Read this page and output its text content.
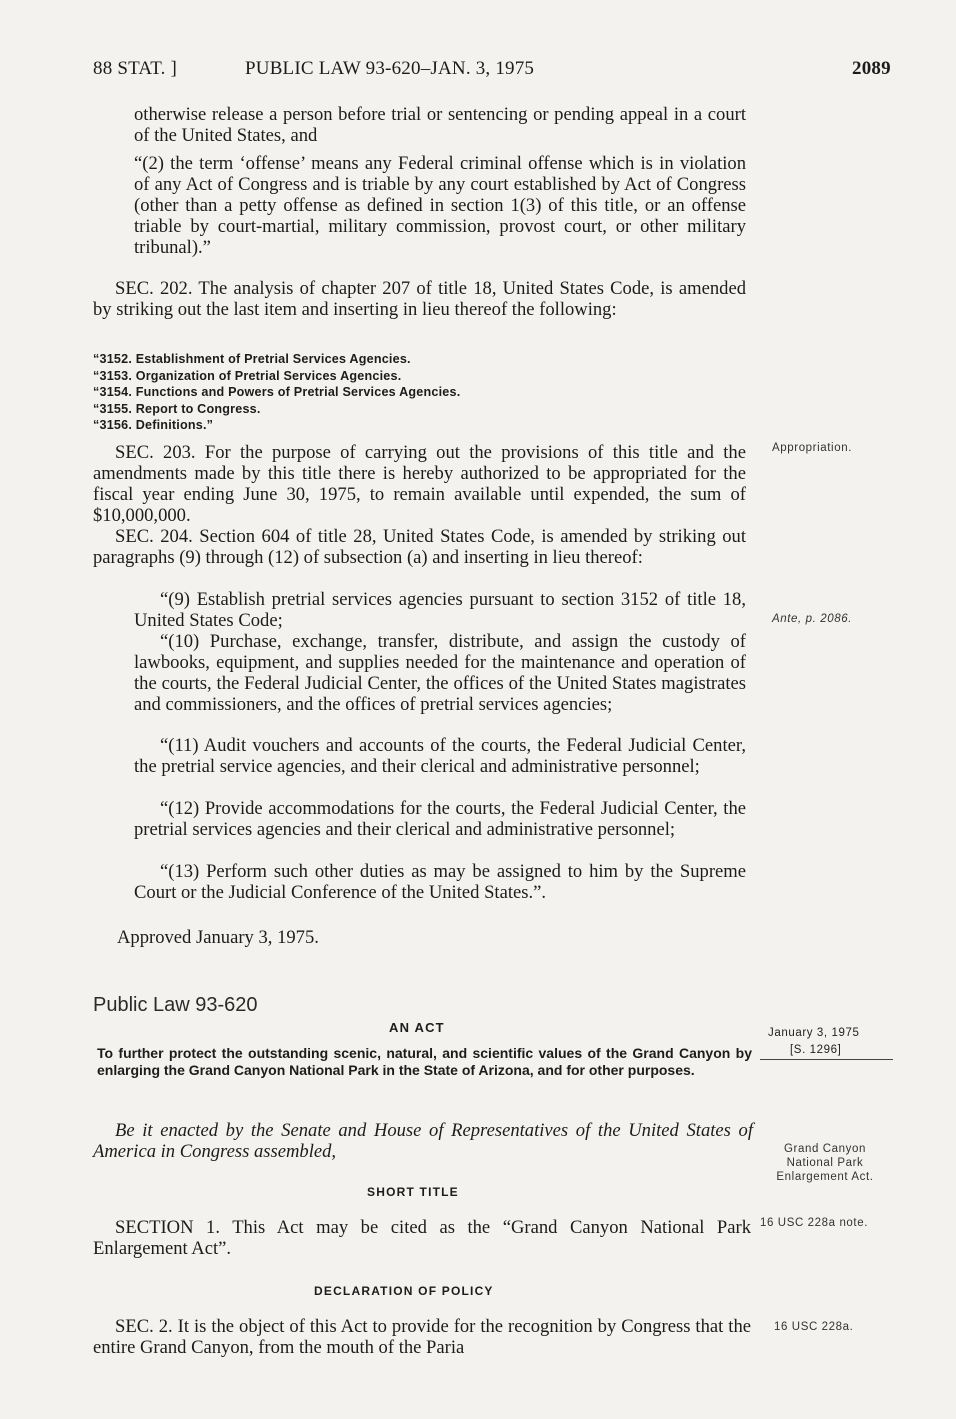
88 STAT. ]	PUBLIC LAW 93-620–JAN. 3, 1975	2089

otherwise release a person before trial or sentencing or pending appeal in a court of the United States, and

“(2) the term ‘offense’ means any Federal criminal offense which is in violation of any Act of Congress and is triable by any court established by Act of Congress (other than a petty offense as defined in section 1(3) of this title, or an offense triable by court-martial, military commission, provost court, or other military tribunal).”

SEC. 202. The analysis of chapter 207 of title 18, United States Code, is amended by striking out the last item and inserting in lieu thereof the following:

“3152. Establishment of Pretrial Services Agencies.
“3153. Organization of Pretrial Services Agencies.
“3154. Functions and Powers of Pretrial Services Agencies.
“3155. Report to Congress.
“3156. Definitions.”

SEC. 203. For the purpose of carrying out the provisions of this title and the amendments made by this title there is hereby authorized to be appropriated for the fiscal year ending June 30, 1975, to remain available until expended, the sum of $10,000,000.

Appropriation.

SEC. 204. Section 604 of title 28, United States Code, is amended by striking out paragraphs (9) through (12) of subsection (a) and inserting in lieu thereof:

“(9) Establish pretrial services agencies pursuant to section 3152 of title 18, United States Code;	Ante, p. 2086.

“(10) Purchase, exchange, transfer, distribute, and assign the custody of lawbooks, equipment, and supplies needed for the maintenance and operation of the courts, the Federal Judicial Center, the offices of the United States magistrates and commissioners, and the offices of pretrial services agencies;

“(11) Audit vouchers and accounts of the courts, the Federal Judicial Center, the pretrial service agencies, and their clerical and administrative personnel;

“(12) Provide accommodations for the courts, the Federal Judicial Center, the pretrial services agencies and their clerical and administrative personnel;

“(13) Perform such other duties as may be assigned to him by the Supreme Court or the Judicial Conference of the United States.”.

Approved January 3, 1975.
Public Law 93-620
AN ACT

To further protect the outstanding scenic, natural, and scientific values of the Grand Canyon by enlarging the Grand Canyon National Park in the State of Arizona, and for other purposes.

January 3, 1975
[S. 1296]

Be it enacted by the Senate and House of Representatives of the United States of America in Congress assembled,	Grand Canyon National Park Enlargement Act.
SHORT TITLE

SECTION 1. This Act may be cited as the “Grand Canyon National Park Enlargement Act”.

16 USC 228a note.
DECLARATION OF POLICY

SEC. 2. It is the object of this Act to provide for the recognition by Congress that the entire Grand Canyon, from the mouth of the Paria

16 USC 228a.
